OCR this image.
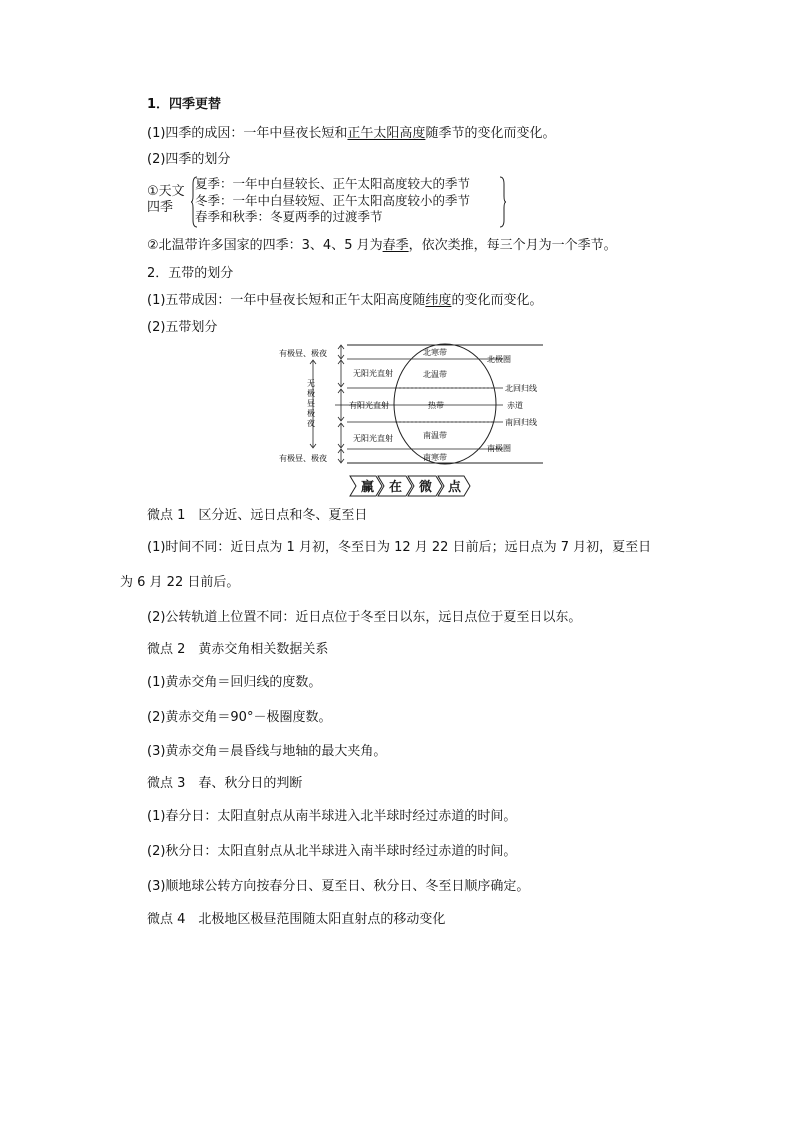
1．四季更替
(1)四季的成因：一年中昼夜长短和正午太阳高度随季节的变化而变化。
(2)四季的划分
①天文
四季
夏季：一年中白昼较长、正午太阳高度较大的季节
冬季：一年中白昼较短、正午太阳高度较小的季节
春季和秋季：冬夏两季的过渡季节
②北温带许多国家的四季：3、4、5 月为春季，依次类推，每三个月为一个季节。
2．五带的划分
(1)五带成因：一年中昼夜长短和正午太阳高度随纬度的变化而变化。
(2)五带划分
有极昼、极夜
有极昼、极夜
无
极
昼
极
夜
无阳光直射
有阳光直射
无阳光直射
北寒带
北温带
热带
南温带
南寒带
北极圈
北回归线
赤道
南回归线
南极圈
赢 在 微 点
微点 1　区分近、远日点和冬、夏至日
(1)时间不同：近日点为 1 月初，冬至日为 12 月 22 日前后；远日点为 7 月初，夏至日
为 6 月 22 日前后。
(2)公转轨道上位置不同：近日点位于冬至日以东，远日点位于夏至日以东。
微点 2　黄赤交角相关数据关系
(1)黄赤交角＝回归线的度数。
(2)黄赤交角＝90°－极圈度数。
(3)黄赤交角＝晨昏线与地轴的最大夹角。
微点 3　春、秋分日的判断
(1)春分日：太阳直射点从南半球进入北半球时经过赤道的时间。
(2)秋分日：太阳直射点从北半球进入南半球时经过赤道的时间。
(3)顺地球公转方向按春分日、夏至日、秋分日、冬至日顺序确定。
微点 4　北极地区极昼范围随太阳直射点的移动变化
